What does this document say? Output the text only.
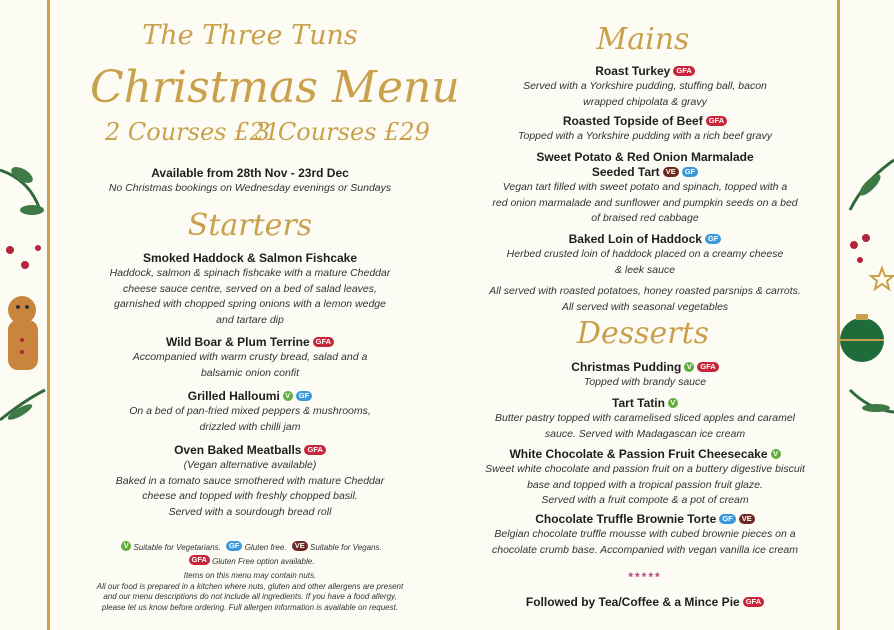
The Three Tuns
Christmas Menu
2 Courses £21
3 Courses £29
Available from 28th Nov - 23rd Dec
No Christmas bookings on Wednesday evenings or Sundays
Starters
Mains
Desserts
Smoked Haddock & Salmon Fishcake
Haddock, salmon & spinach fishcake with a mature Cheddar
cheese sauce centre, served on a bed of salad leaves,
garnished with chopped spring onions with a lemon wedge
and tartare dip
Wild Boar & Plum Terrine GFA
Accompanied with warm crusty bread, salad and a
balsamic onion confit
Grilled Halloumi V GF
On a bed of pan-fried mixed peppers & mushrooms,
drizzled with chilli jam
Oven Baked Meatballs GFA
(Vegan alternative available)
Baked in a tomato sauce smothered with mature Cheddar
cheese and topped with freshly chopped basil.
Served with a sourdough bread roll
Roast Turkey GFA
Served with a Yorkshire pudding, stuffing ball, bacon
wrapped chipolata & gravy
Roasted Topside of Beef GFA
Topped with a Yorkshire pudding with a rich beef gravy
Sweet Potato & Red Onion Marmalade
Seeded Tart VE GF
Vegan tart filled with sweet potato and spinach, topped with a
red onion marmalade and sunflower and pumpkin seeds on a bed
of braised red cabbage
Baked Loin of Haddock GF
Herbed crusted loin of haddock placed on a creamy cheese
& leek sauce
Christmas Pudding V GFA
Topped with brandy sauce
Tart Tatin V
Butter pastry topped with caramelised sliced apples and caramel
sauce. Served with Madagascan ice cream
White Chocolate & Passion Fruit Cheesecake V
Sweet white chocolate and passion fruit on a buttery digestive biscuit
base and topped with a tropical passion fruit glaze.
Served with a fruit compote & a pot of cream
Chocolate Truffle Brownie Torte GF VE
Belgian chocolate truffle mousse with cubed brownie pieces on a
chocolate crumb base. Accompanied with vegan vanilla ice cream
All served with roasted potatoes, honey roasted parsnips & carrots.
All served with seasonal vegetables
*****
Followed by Tea/Coffee & a Mince Pie GFA
V Suitable for Vegetarians. GF Gluten free. VE Suitable for Vegans.
GFA Gluten Free option available.
Items on this menu may contain nuts.
All our food is prepared in a kitchen where nuts, gluten and other allergens are present
and our menu descriptions do not include all ingredients. If you have a food allergy,
please let us know before ordering. Full allergen information is available on request.
